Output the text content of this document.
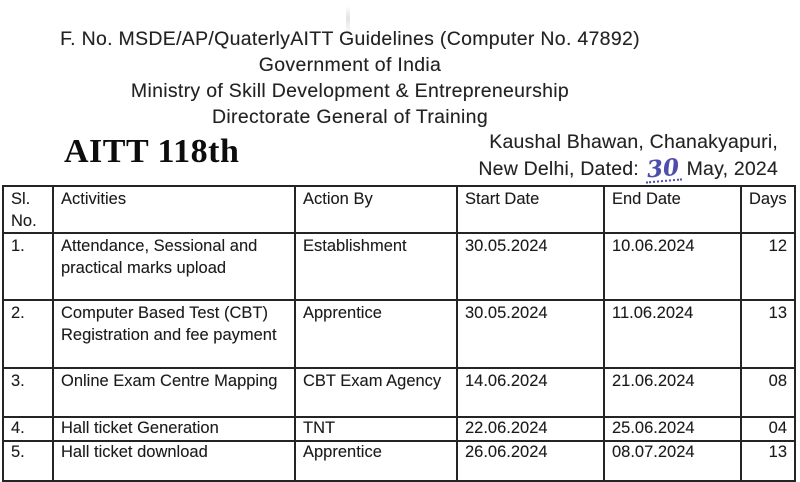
F. No. MSDE/AP/QuaterlyAITT Guidelines (Computer No. 47892)
Government of India
Ministry of Skill Development & Entrepreneurship
Directorate General of Training
AITT 118th	Kaushal Bhawan, Chanakyapuri,
New Delhi, Dated: 30 May, 2024
Sl. No.	Activities	Action By	Start Date	End Date	Days
1.	Attendance, Sessional and practical marks upload	Establishment	30.05.2024	10.06.2024	12
2.	Computer Based Test (CBT) Registration and fee payment	Apprentice	30.05.2024	11.06.2024	13
3.	Online Exam Centre Mapping	CBT Exam Agency	14.06.2024	21.06.2024	08
4.	Hall ticket Generation	TNT	22.06.2024	25.06.2024	04
5.	Hall ticket download	Apprentice	26.06.2024	08.07.2024	13
